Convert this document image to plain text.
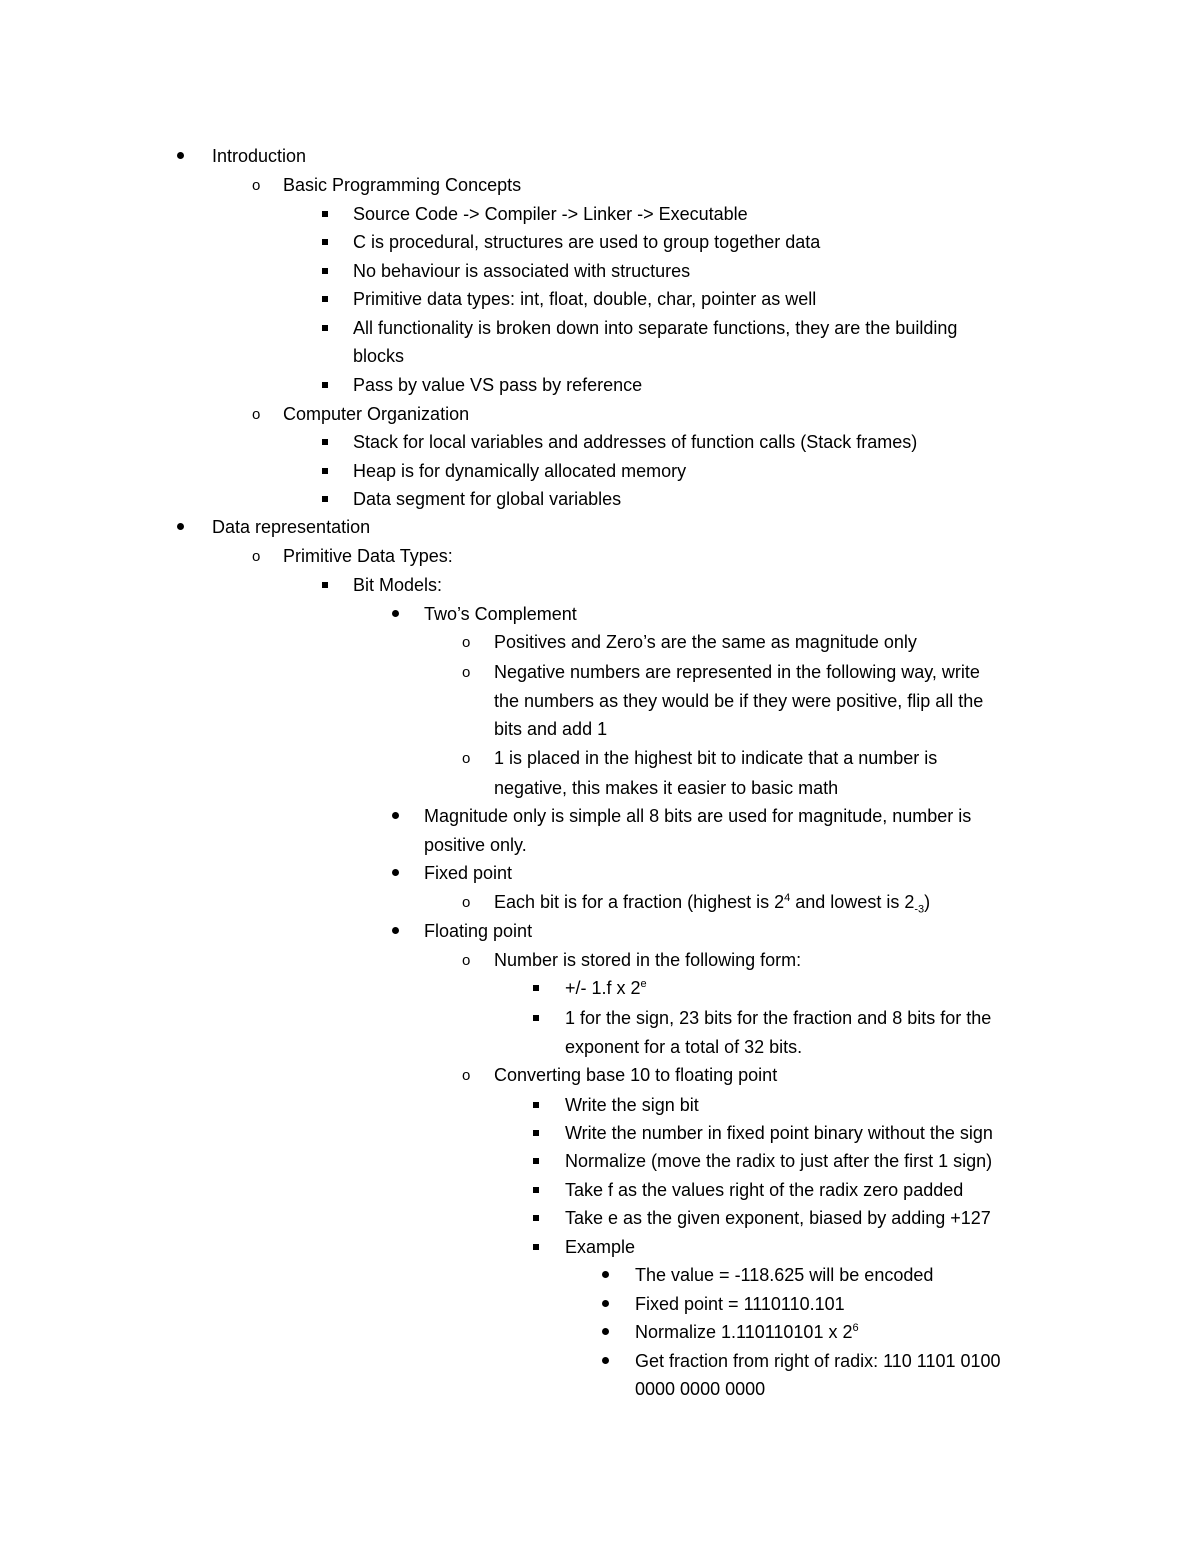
Introduction
o Basic Programming Concepts
Source Code -> Compiler -> Linker -> Executable
C is procedural, structures are used to group together data
No behaviour is associated with structures
Primitive data types: int, float, double, char, pointer as well
All functionality is broken down into separate functions, they are the building
blocks
Pass by value VS pass by reference
o Computer Organization
Stack for local variables and addresses of function calls (Stack frames)
Heap is for dynamically allocated memory
Data segment for global variables
Data representation
o Primitive Data Types:
Bit Models:
Two’s Complement
o Positives and Zero’s are the same as magnitude only
o Negative numbers are represented in the following way, write
the numbers as they would be if they were positive, flip all the
bits and add 1
o 1 is placed in the highest bit to indicate that a number is
negative, this makes it easier to basic math
Magnitude only is simple all 8 bits are used for magnitude, number is
positive only.
Fixed point
o Each bit is for a fraction (highest is $2^4$ and lowest is $2_{-3}$)
Floating point
o Number is stored in the following form:
+/- 1.f x 2e
1 for the sign, 23 bits for the fraction and 8 bits for the
exponent for a total of 32 bits.
o Converting base 10 to floating point
Write the sign bit
Write the number in fixed point binary without the sign
Normalize (move the radix to just after the first 1 sign)
Take f as the values right of the radix zero padded
Take e as the given exponent, biased by adding +127
Example
The value = -118.625 will be encoded
Fixed point = 1110110.101
Normalize 1.110110101 x $2^6$
Get fraction from right of radix: 110 1101 0100
0000 0000 0000
